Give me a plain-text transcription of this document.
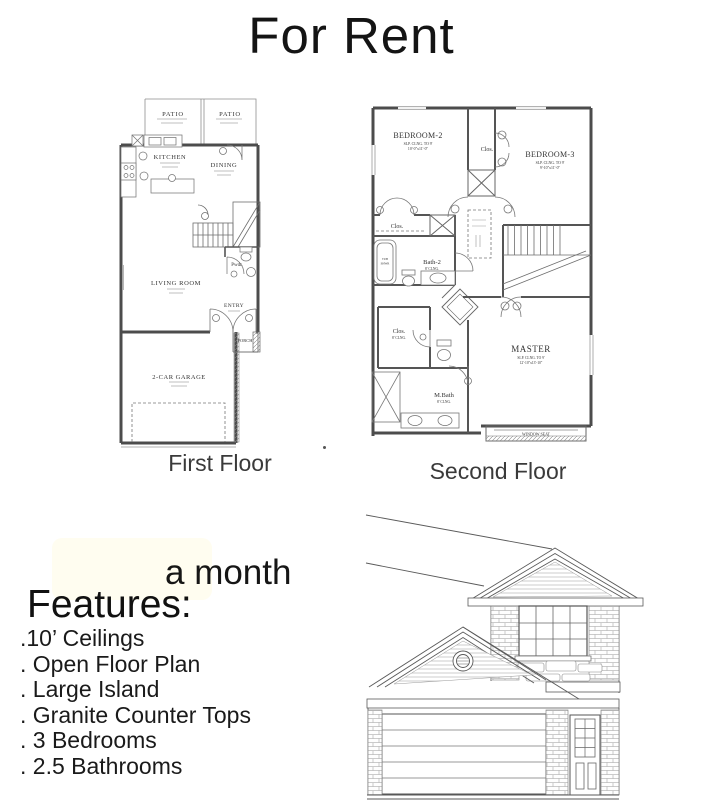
For Rent
PATIO	PATIO
KITCHEN
DINING
LIVING ROOM
Pwdr.
ENTRY
PORCH
2-CAR GARAGE
First Floor
BEDROOM-2
SLP. CLNG. TO 9'
10'-0"x11'-0"
BEDROOM-3
SLP. CLNG. TO 9'
9'-10"x11'-0"
Clos.
Clos.
TUB
SHWR	Bath-2
8' CLNG.
Clos.
8' CLNG.
MASTER
SLP. CLNG. TO 9'
12'-10"x13'-10"
M.Bath
8' CLNG.
WINDOW SEAT
Second Floor
a month
Features:
.10’ Ceilings
. Open Floor Plan
. Large Island
. Granite Counter Tops
. 3 Bedrooms
. 2.5 Bathrooms
